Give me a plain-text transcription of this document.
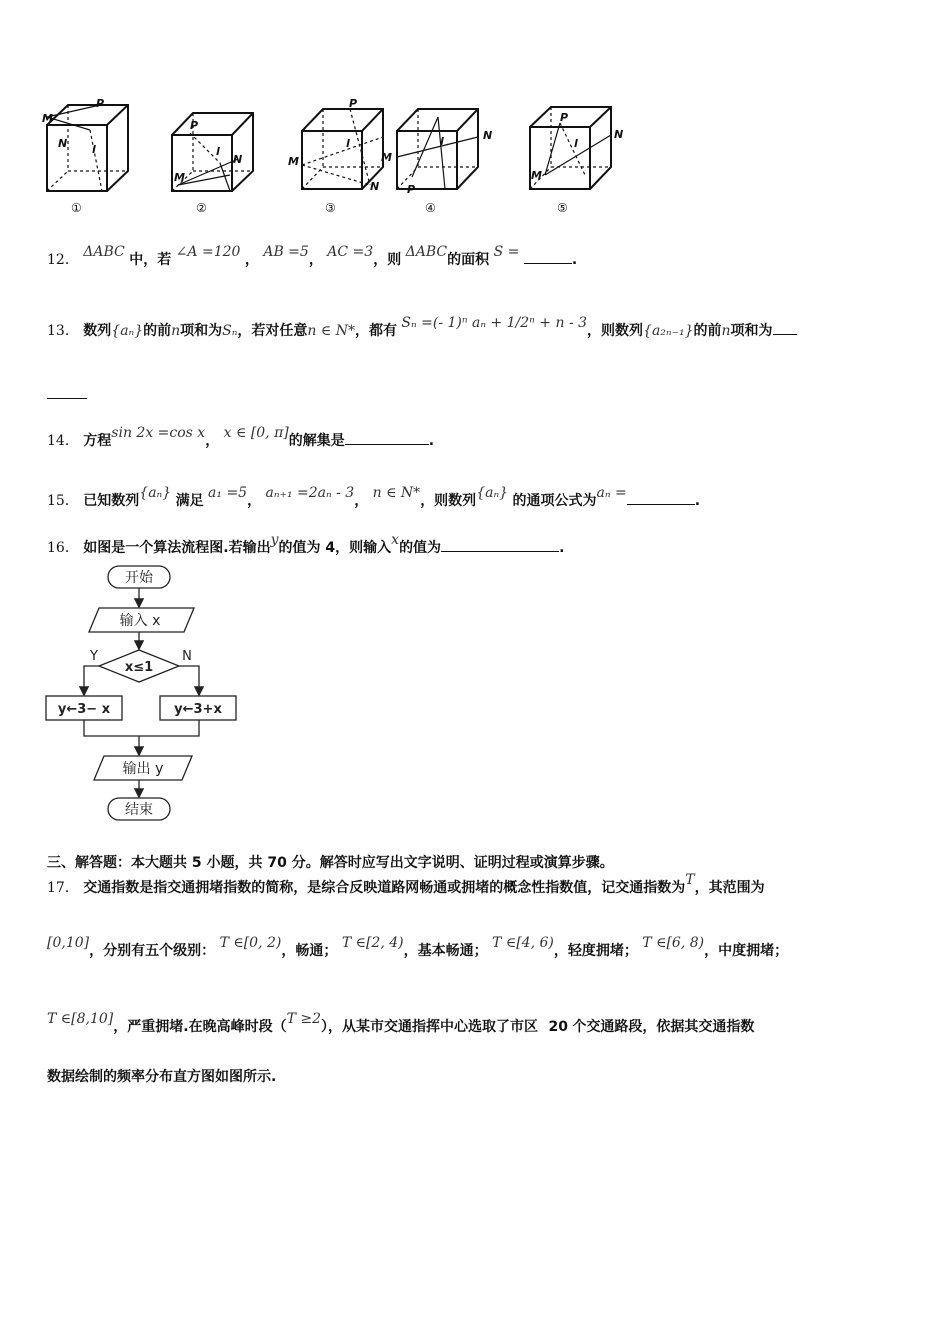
M
P
N l
P
N
M
l
P
M
N
l
N
M
P
l
P
N
M
l
①	②	③	④	⑤
12． ΔABC 中，若 ∠A =120 ， AB =5， AC =3，则 ΔABC的面积 S =	.
13． 数列{aₙ}的前n项和为Sₙ，若对任意n ∈ N*，都有 Sₙ =(- 1)ⁿ aₙ + 1/2ⁿ + n - 3，则数列{a₂ₙ₋₁}的前n项和为
14． 方程sin 2x =cos x， x ∈ [0, π]的解集是	.
15． 已知数列{aₙ} 满足 a₁ =5， aₙ₊₁ =2aₙ - 3， n ∈ N*，则数列{aₙ} 的通项公式为aₙ =	.
16． 如图是一个算法流程图.若输出y的值为 4，则输入x的值为	.
开始
输入 x
x≤1
Y	N
y←3− x	y←3+x
输出 y
结束
三、解答题：本大题共 5 小题，共 70 分。解答时应写出文字说明、证明过程或演算步骤。
17． 交通指数是指交通拥堵指数的简称，是综合反映道路网畅通或拥堵的概念性指数值，记交通指数为T，其范围为
[0,10]，分别有五个级别： T ∈[0, 2)，畅通； T ∈[2, 4)，基本畅通； T ∈[4, 6)，轻度拥堵； T ∈[6, 8)，中度拥堵；
T ∈[8,10]，严重拥堵.在晚高峰时段（T ≥2），从某市交通指挥中心选取了市区 20 个交通路段，依据其交通指数
数据绘制的频率分布直方图如图所示.
